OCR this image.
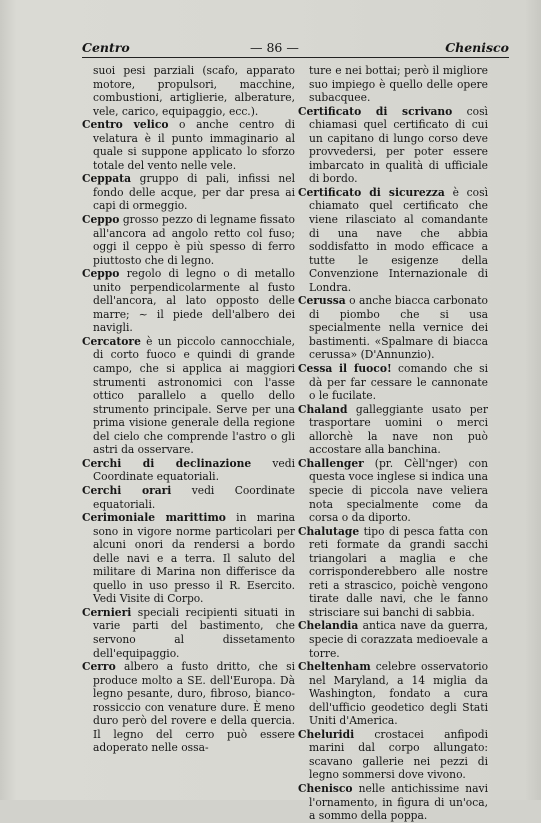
Centro	— 86 —	Chenisco

suoi pesi parziali (scafo, apparato motore, propulsori, macchine, combustioni, artiglierie, alberature, vele, carico, equipaggio, ecc.).

Centro velico o anche centro di velatura è il punto immaginario al quale si suppone applicato lo sforzo totale del vento nelle vele.

Ceppata gruppo di pali, infissi nel fondo delle acque, per dar presa ai capi di ormeggio.

Ceppo grosso pezzo di legname fissato all'ancora ad angolo retto col fuso; oggi il ceppo è più spesso di ferro piuttosto che di legno.

Ceppo regolo di legno o di metallo unito perpendicolarmente al fusto dell'ancora, al lato opposto delle marre; ∼ il piede dell'albero dei navigli.

Cercatore è un piccolo cannocchiale, di corto fuoco e quindi di grande campo, che si applica ai maggiori strumenti astronomici con l'asse ottico parallelo a quello dello strumento principale. Serve per una prima visione generale della regione del cielo che comprende l'astro o gli astri da osservare.

Cerchi di declinazione vedi Coordinate equatoriali.

Cerchi orari vedi Coordinate equatoriali.

Cerimoniale marittimo in marina sono in vigore norme particolari per alcuni onori da rendersi a bordo delle navi e a terra. Il saluto del militare di Marina non differisce da quello in uso presso il R. Esercito. Vedi Visite di Corpo.

Cernieri speciali recipienti situati in varie parti del bastimento, che servono al dissetamento dell'equipaggio.

Cerro albero a fusto dritto, che si produce molto a SE. dell'Europa. Dà legno pesante, duro, fibroso, bianco-rossiccio con venature dure. È meno duro però del rovere e della quercia. Il legno del cerro può essere adoperato nelle ossa-

ture e nei bottai; però il migliore suo impiego è quello delle opere subacquee.

Certificato di scrivano così chiamasi quel certificato di cui un capitano di lungo corso deve provvedersi, per poter essere imbarcato in qualità di ufficiale di bordo.

Certificato di sicurezza è così chiamato quel certificato che viene rilasciato al comandante di una nave che abbia soddisfatto in modo efficace a tutte le esigenze della Convenzione Internazionale di Londra.

Cerussa o anche biacca carbonato di piombo che si usa specialmente nella vernice dei bastimenti. «Spalmare di biacca cerussa» (D'Annunzio).

Cessa il fuoco! comando che si dà per far cessare le cannonate o le fucilate.

Chaland galleggiante usato per trasportare uomini o merci allorchè la nave non può accostare alla banchina.

Challenger (pr. Cèll'nger) con questa voce inglese si indica una specie di piccola nave veliera nota specialmente come da corsa o da diporto.

Chalutage tipo di pesca fatta con reti formate da grandi sacchi triangolari a maglia e che corrisponderebbero alle nostre reti a strascico, poichè vengono tirate dalle navi, che le fanno strisciare sui banchi di sabbia.

Chelandia antica nave da guerra, specie di corazzata medioevale a torre.

Cheltenham celebre osservatorio nel Maryland, a 14 miglia da Washington, fondato a cura dell'ufficio geodetico degli Stati Uniti d'America.

Cheluridi crostacei anfipodi marini dal corpo allungato: scavano gallerie nei pezzi di legno sommersi dove vivono.

Chenisco nelle antichissime navi l'ornamento, in figura di un'oca, a sommo della poppa.
